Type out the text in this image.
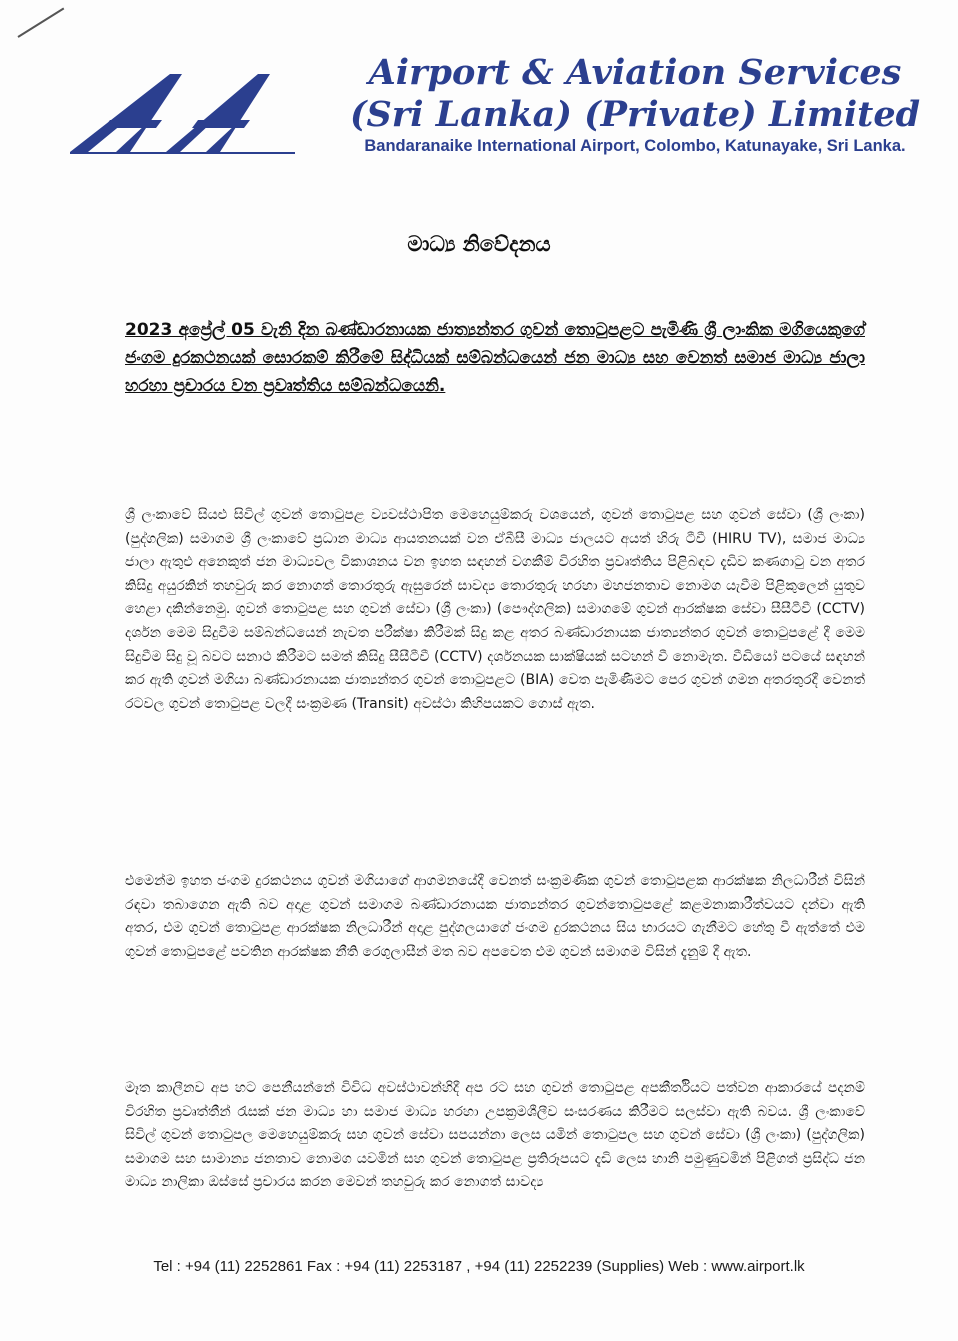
Airport & Aviation Services
(Sri Lanka) (Private) Limited
Bandaranaike International Airport, Colombo, Katunayake, Sri Lanka.
මාධ්‍ය නිවේදනය
2023 අප්‍රේල් 05 වැනි දින බණ්ඩාරනායක ජාත්‍යන්තර ගුවන් තොටුපළට පැමිණි ශ්‍රී ලාංකික මගියෙකුගේ ජංගම දුරකථනයක් සොරකම් කිරීමේ සිද්ධියක් සම්බන්ධයෙන් ජන මාධ්‍ය සහ වෙනත් සමාජ මාධ්‍ය ජාලා හරහා ප්‍රචාරය වන ප්‍රවෘත්තිය සම්බන්ධයෙනි.
ශ්‍රී ලංකාවේ සියළු සිවිල් ගුවන් තොටුපළ ව්‍යවස්ථාපිත මෙහෙයුම්කරු වශයෙන්, ගුවන් තොටුපළ සහ ගුවන් සේවා (ශ්‍රී ලංකා) (පුද්ගලික) සමාගම ශ්‍රී ලංකාවේ ප්‍රධාන මාධ්‍ය ආයතනයක් වන ඒබීසී මාධ්‍ය ජාලයට අයත් හිරු ටීවී (HIRU TV), සමාජ මාධ්‍ය ජාලා ඇතුළු අනෙකුත් ජන මාධ්‍යවල විකාශනය වන ඉහත සඳහන් වගකීම් විරහිත ප්‍රවෘත්තිය පිළිබඳව දැඩිව කණගාටු වන අතර කිසිදු අයුරකින් තහවුරු කර නොගත් තොරතුරු ඇසුරෙන් සාවද්‍ය තොරතුරු හරහා මහජනතාව නොමග යැවීම පිළිකුලෙන් යුතුව හෙළා දකින්නෙමු. ගුවන් තොටුපළ සහ ගුවන් සේවා (ශ්‍රී ලංකා) (පෞද්ගලික) සමාගමේ ගුවන් ආරක්ෂක සේවා සීසීටීවී (CCTV) දර්ශන මෙම සිදුවීම සම්බන්ධයෙන් නැවත පරීක්ෂා කිරීමක් සිදු කළ අතර බණ්ඩාරනායක ජාත්‍යන්තර ගුවන් තොටුපළේ දී මෙම සිදුවීම සිදු වූ බවට සනාථ කිරීමට සමත් කිසිදු සීසීටීවී (CCTV) දර්ශනයක සාක්ෂියක් සටහන් වී නොමැත. වීඩියෝ පටයේ සඳහන් කර ඇති ගුවන් මගියා බණ්ඩාරනායක ජාත්‍යන්තර ගුවන් තොටුපළට (BIA) වෙත පැමිණීමට පෙර ගුවන් ගමන අතරතුරදී වෙනත් රටවල ගුවන් තොටුපළ වලදී සංක්‍රමණ (Transit) අවස්ථා කිහිපයකට ගොස් ඇත.
එමෙන්ම ඉහත ජංගම දුරකථනය ගුවන් මගියාගේ ආගමනයේදී වෙනත් සංක්‍රමණික ගුවන් තොටුපළක ආරක්ෂක නිලධාරීන් විසින් රඳවා තබාගෙන ඇති බව අදාළ ගුවන් සමාගම බණ්ඩාරනායක ජාත්‍යන්තර ගුවන්තොටුපළේ කළමනාකාරීත්වයට දන්වා ඇති අතර, එම ගුවන් තොටුපළ ආරක්ෂක නිලධාරීන් අදාළ පුද්ගලයාගේ ජංගම දුරකථනය සිය භාරයට ගැනීමට හේතු වී ඇත්තේ එම ගුවන් තොටුපළේ පවතින ආරක්ෂක නීති රෙගුලාසීන් මත බව අපවෙත එම ගුවන් සමාගම විසින් දැනුම් දී ඇත.
මෑත කාලීනව අප හට පෙනීයන්නේ විවිධ අවස්ථාවන්හිදී අප රට සහ ගුවන් තොටුපළ අපකීර්තියට පත්වන ආකාරයේ පදනම් විරහිත ප්‍රවෘත්තීන් රැසක් ජන මාධ්‍ය හා සමාජ මාධ්‍ය හරහා උපක්‍රමශීලීව සංසරණය කිරීමට සලස්වා ඇති බවය. ශ්‍රී ලංකාවේ සිවිල් ගුවන් තොටුපල මෙහෙයුම්කරු සහ ගුවන් සේවා සපයන්නා ලෙස යමින් තොටුපල සහ ගුවන් සේවා (ශ්‍රී ලංකා) (පුද්ගලික) සමාගම සහ සාමාන්‍ය ජනතාව නොමග යවමින් සහ ගුවන් තොටුපළ ප්‍රතිරූපයට දැඩි ලෙස හානි පමුණුවමින් පිළිගත් ප්‍රසිද්ධ ජන මාධ්‍ය නාලිකා ඔස්සේ ප්‍රචාරය කරන මෙවන් තහවුරු කර නොගත් සාවද්‍ය
Tel : +94 (11) 2252861 Fax : +94 (11) 2253187 , +94 (11) 2252239 (Supplies) Web : www.airport.lk
